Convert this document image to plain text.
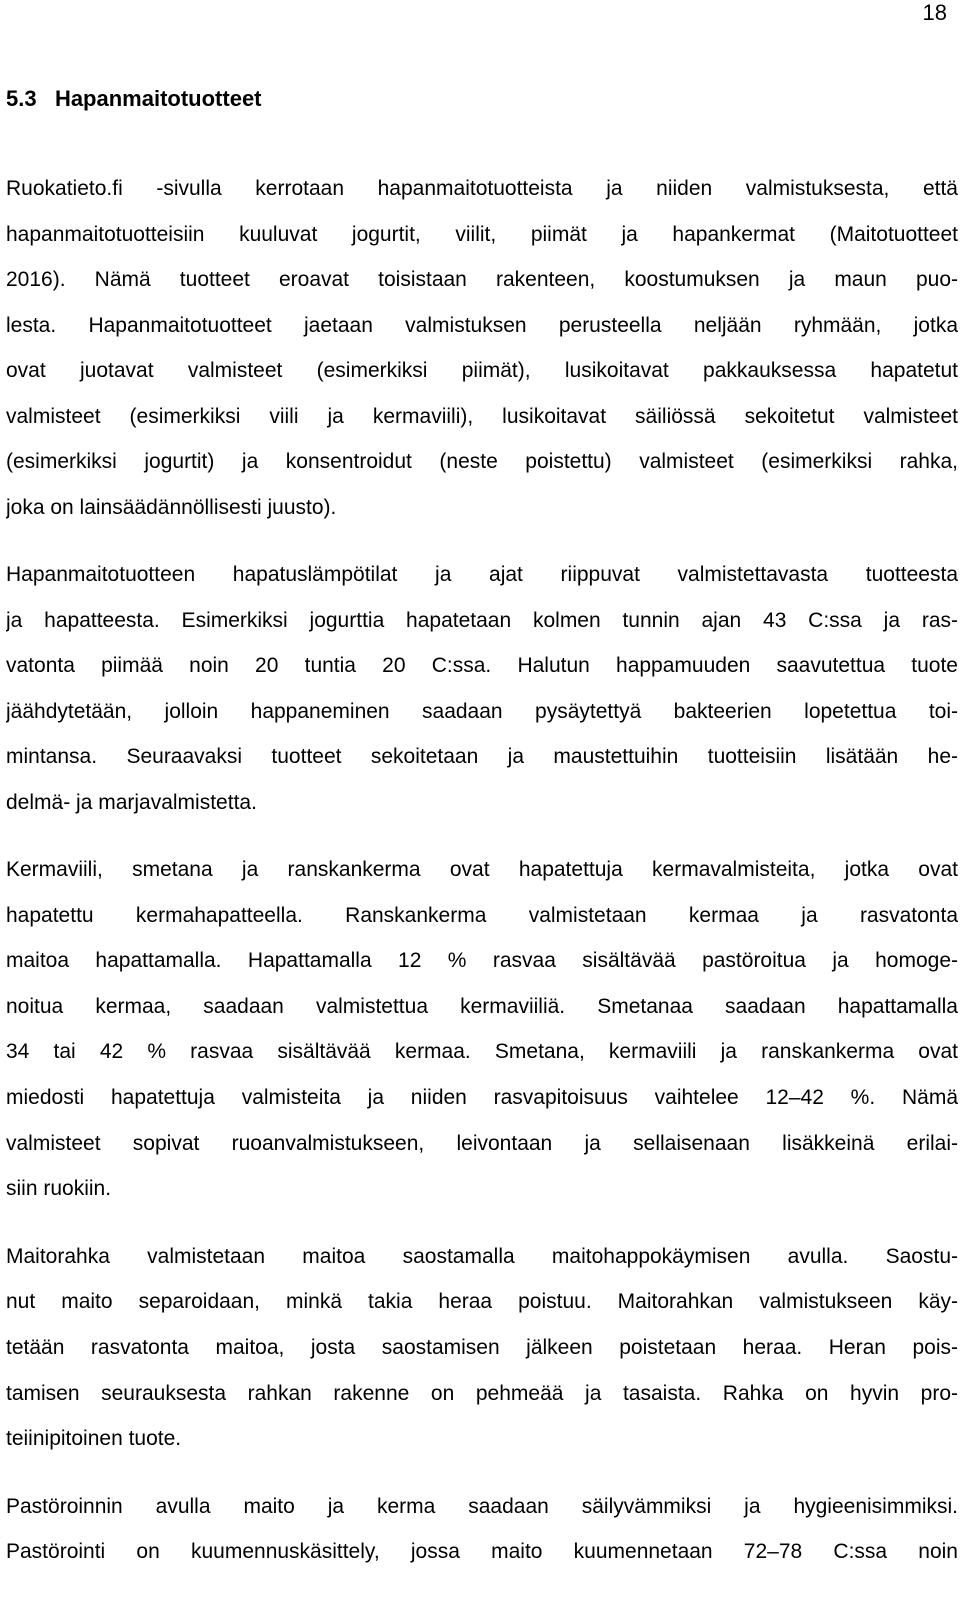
18
5.3 Hapanmaitotuotteet
Ruokatieto.fi -sivulla kerrotaan hapanmaitotuotteista ja niiden valmistuksesta, että
hapanmaitotuotteisiin kuuluvat jogurtit, viilit, piimät ja hapankermat (Maitotuotteet
2016). Nämä tuotteet eroavat toisistaan rakenteen, koostumuksen ja maun puo-
lesta. Hapanmaitotuotteet jaetaan valmistuksen perusteella neljään ryhmään, jotka
ovat juotavat valmisteet (esimerkiksi piimät), lusikoitavat pakkauksessa hapatetut
valmisteet (esimerkiksi viili ja kermaviili), lusikoitavat säiliössä sekoitetut valmisteet
(esimerkiksi jogurtit) ja konsentroidut (neste poistettu) valmisteet (esimerkiksi rahka,
joka on lainsäädännöllisesti juusto).
Hapanmaitotuotteen hapatuslämpötilat ja ajat riippuvat valmistettavasta tuotteesta
ja hapatteesta. Esimerkiksi jogurttia hapatetaan kolmen tunnin ajan 43 C:ssa ja ras-
vatonta piimää noin 20 tuntia 20 C:ssa. Halutun happamuuden saavutettua tuote
jäähdytetään, jolloin happaneminen saadaan pysäytettyä bakteerien lopetettua toi-
mintansa. Seuraavaksi tuotteet sekoitetaan ja maustettuihin tuotteisiin lisätään he-
delmä- ja marjavalmistetta.
Kermaviili, smetana ja ranskankerma ovat hapatettuja kermavalmisteita, jotka ovat
hapatettu kermahapatteella. Ranskankerma valmistetaan kermaa ja rasvatonta
maitoa hapattamalla. Hapattamalla 12 % rasvaa sisältävää pastöroitua ja homoge-
noitua kermaa, saadaan valmistettua kermaviiliä. Smetanaa saadaan hapattamalla
34 tai 42 % rasvaa sisältävää kermaa. Smetana, kermaviili ja ranskankerma ovat
miedosti hapatettuja valmisteita ja niiden rasvapitoisuus vaihtelee 12–42 %. Nämä
valmisteet sopivat ruoanvalmistukseen, leivontaan ja sellaisenaan lisäkkeinä erilai-
siin ruokiin.
Maitorahka valmistetaan maitoa saostamalla maitohappokäymisen avulla. Saostu-
nut maito separoidaan, minkä takia heraa poistuu. Maitorahkan valmistukseen käy-
tetään rasvatonta maitoa, josta saostamisen jälkeen poistetaan heraa. Heran pois-
tamisen seurauksesta rahkan rakenne on pehmeää ja tasaista. Rahka on hyvin pro-
teiinipitoinen tuote.
Pastöroinnin avulla maito ja kerma saadaan säilyvämmiksi ja hygieenisimmiksi.
Pastörointi on kuumennuskäsittely, jossa maito kuumennetaan 72–78 C:ssa noin
